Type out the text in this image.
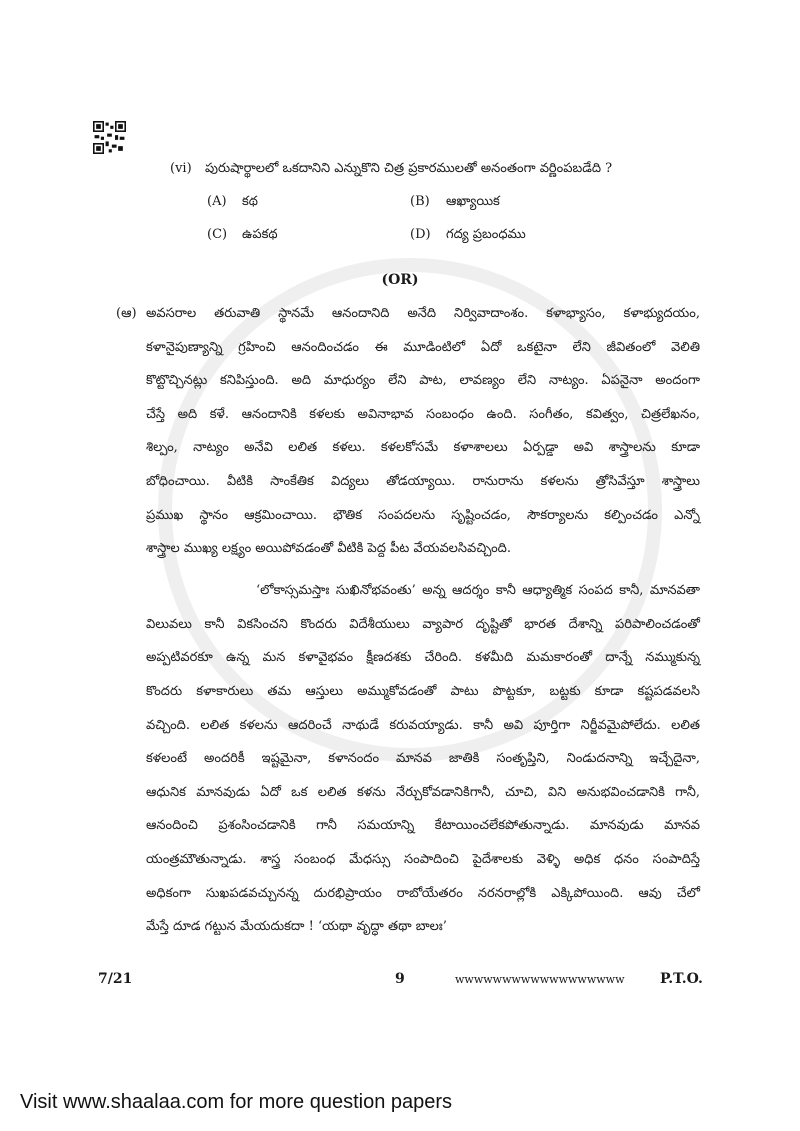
(vi)	పురుషార్థాలలో ఒకదానిని ఎన్నుకొని చిత్ర ప్రకారములతో అనంతంగా వర్ణింపబడేది ?
(A)	కథ	(B)	ఆఖ్యాయిక
(C)	ఉపకథ	(D)	గద్య ప్రబంధము
(OR)
(ఆ) అవసరాల తరువాతి స్థానమే ఆనందానిది అనేది నిర్వివాదాంశం. కళాభ్యాసం, కళాభ్యుదయం,
కళానైపుణ్యాన్ని గ్రహించి ఆనందించడం ఈ మూడింటిలో ఏదో ఒకటైనా లేని జీవితంలో వెలితి
కొట్టొచ్చినట్లు కనిపిస్తుంది. అది మాధుర్యం లేని పాట, లావణ్యం లేని నాట్యం. ఏపనైనా అందంగా
చేస్తే అది కళే. ఆనందానికి కళలకు అవినాభావ సంబంధం ఉంది. సంగీతం, కవిత్వం, చిత్రలేఖనం,
శిల్పం, నాట్యం అనేవి లలిత కళలు. కళలకోసమే కళాశాలలు ఏర్పడ్డా అవి శాస్త్రాలను కూడా
బోధించాయి. వీటికి సాంకేతిక విద్యలు తోడయ్యాయి. రానురాను కళలను త్రోసివేస్తూ శాస్త్రాలు
ప్రముఖ స్థానం ఆక్రమించాయి. భౌతిక సంపదలను సృష్టించడం, సౌకర్యాలను కల్పించడం ఎన్నో
శాస్త్రాల ముఖ్య లక్ష్యం అయిపోవడంతో వీటికి పెద్ద పీట వేయవలసివచ్చింది.
‘లోకాస్సమస్తాః సుఖినోభవంతు’ అన్న ఆదర్శం కానీ ఆధ్యాత్మిక సంపద కానీ, మానవతా
విలువలు కానీ వికసించని కొందరు విదేశీయులు వ్యాపార దృష్టితో భారత దేశాన్ని పరిపాలించడంతో
అప్పటివరకూ ఉన్న మన కళావైభవం క్షీణదశకు చేరింది. కళమీది మమకారంతో దాన్నే నమ్ముకున్న
కొందరు కళాకారులు తమ ఆస్తులు అమ్ముకోవడంతో పాటు పొట్టకూ, బట్టకు కూడా కష్టపడవలసి
వచ్చింది. లలిత కళలను ఆదరించే నాథుడే కరువయ్యాడు. కానీ అవి పూర్తిగా నిర్జీవమైపోలేదు. లలిత
కళలంటే అందరికీ ఇష్టమైనా, కళానందం మానవ జాతికి సంతృప్తిని, నిండుదనాన్ని ఇచ్చేదైనా,
ఆధునిక మానవుడు ఏదో ఒక లలిత కళను నేర్చుకోవడానికిగానీ, చూచి, విని అనుభవించడానికి గానీ,
ఆనందించి ప్రశంసించడానికి గానీ సమయాన్ని కేటాయించలేకపోతున్నాడు. మానవుడు మానవ
యంత్రమౌతున్నాడు. శాస్త్ర సంబంధ మేధస్సు సంపాదించి పైదేశాలకు వెళ్ళి అధిక ధనం సంపాదిస్తే
అధికంగా సుఖపడవచ్చునన్న దురభిప్రాయం రాబోయేతరం నరనరాల్లోకి ఎక్కిపోయింది. ఆవు చేలో
మేస్తే దూడ గట్టున మేయదుకదా ! ‘యథా వృద్ధా తథా బాలః’
7/21	9	wwwwwwwwwwwwwwwwww	P.T.O.
Visit www.shaalaa.com for more question papers
